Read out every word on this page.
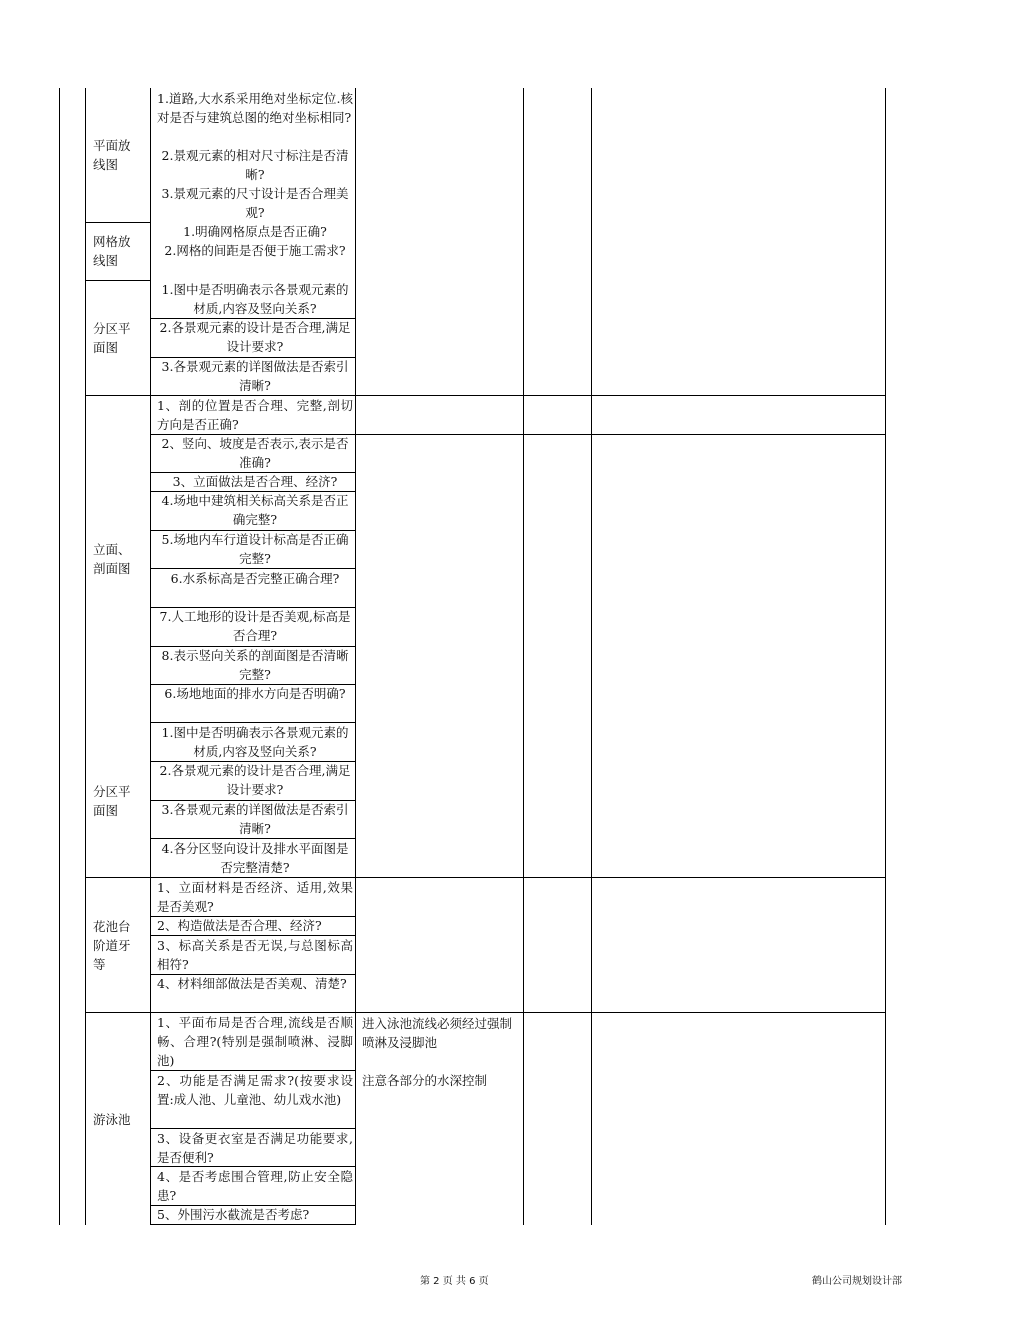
平面放
线图
网格放
线图
分区平
面图
立面、
剖面图
分区平
面图
花池台
阶道牙
等
游泳池
1.道路,大水系采用绝对坐标定位.核对是否与建筑总图的绝对坐标相同?
2.景观元素的相对尺寸标注是否清晰?
3.景观元素的尺寸设计是否合理美观?
1.明确网格原点是否正确?
2.网格的间距是否便于施工需求?
1.图中是否明确表示各景观元素的材质,内容及竖向关系?
2.各景观元素的设计是否合理,满足设计要求?
3.各景观元素的详图做法是否索引清晰?
1、剖的位置是否合理、完整,剖切方向是否正确?
2、竖向、坡度是否表示,表示是否准确?
3、立面做法是否合理、经济?
4.场地中建筑相关标高关系是否正确完整?
5.场地内车行道设计标高是否正确完整?
6.水系标高是否完整正确合理?
7.人工地形的设计是否美观,标高是否合理?
8.表示竖向关系的剖面图是否清晰完整?
6.场地地面的排水方向是否明确?
1.图中是否明确表示各景观元素的材质,内容及竖向关系?
2.各景观元素的设计是否合理,满足设计要求?
3.各景观元素的详图做法是否索引清晰?
4.各分区竖向设计及排水平面图是否完整清楚?
1、立面材料是否经济、适用,效果是否美观?
2、构造做法是否合理、经济?
3、标高关系是否无误,与总图标高相符?
4、材料细部做法是否美观、清楚?
1、平面布局是否合理,流线是否顺畅、合理?(特别是强制喷淋、浸脚池)
2、功能是否满足需求?(按要求设置:成人池、儿童池、幼儿戏水池)
3、设备更衣室是否满足功能要求,是否便利?
4、是否考虑围合管理,防止安全隐患?
5、外围污水截流是否考虑?
进入泳池流线必须经过强制喷淋及浸脚池
注意各部分的水深控制
第 2 页 共 6 页	鹤山公司规划设计部
